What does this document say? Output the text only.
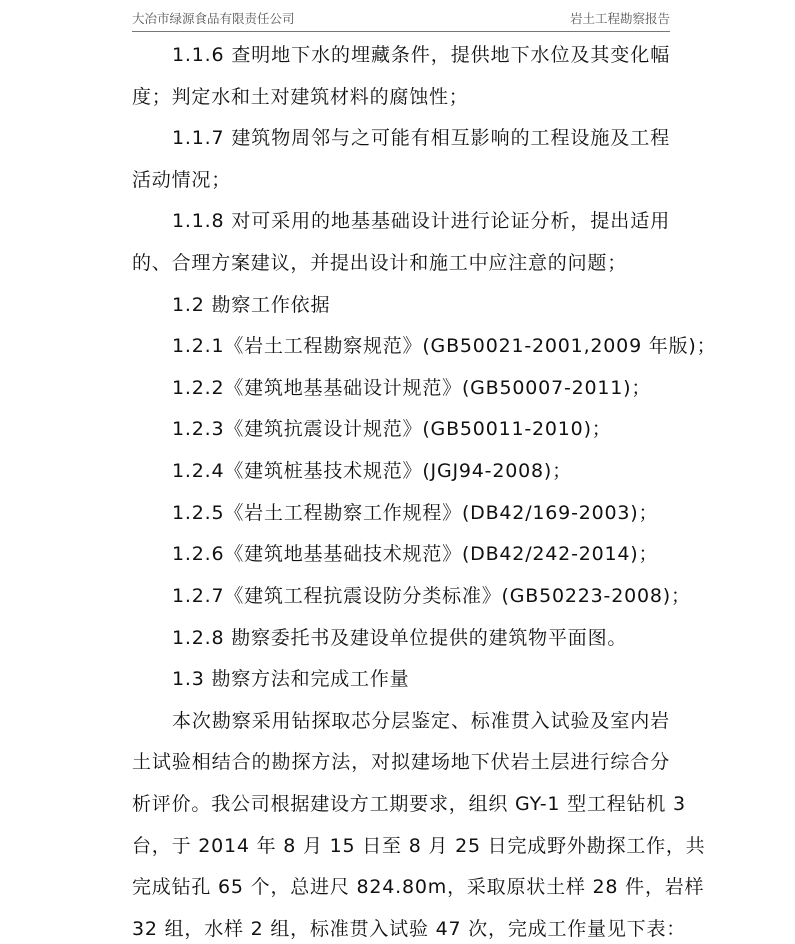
大冶市绿源食品有限责任公司	岩土工程勘察报告
1.1.6 查明地下水的埋藏条件，提供地下水位及其变化幅
度；判定水和土对建筑材料的腐蚀性；
1.1.7 建筑物周邻与之可能有相互影响的工程设施及工程
活动情况；
1.1.8 对可采用的地基基础设计进行论证分析，提出适用
的、合理方案建议，并提出设计和施工中应注意的问题；
1.2 勘察工作依据
1.2.1《岩土工程勘察规范》(GB50021-2001,2009 年版)；
1.2.2《建筑地基基础设计规范》(GB50007-2011)；
1.2.3《建筑抗震设计规范》(GB50011-2010)；
1.2.4《建筑桩基技术规范》(JGJ94-2008)；
1.2.5《岩土工程勘察工作规程》(DB42/169-2003)；
1.2.6《建筑地基基础技术规范》(DB42/242-2014)；
1.2.7《建筑工程抗震设防分类标准》(GB50223-2008)；
1.2.8 勘察委托书及建设单位提供的建筑物平面图。
1.3 勘察方法和完成工作量
本次勘察采用钻探取芯分层鉴定、标准贯入试验及室内岩
土试验相结合的勘探方法，对拟建场地下伏岩土层进行综合分
析评价。我公司根据建设方工期要求，组织 GY-1 型工程钻机 3
台，于 2014 年 8 月 15 日至 8 月 25 日完成野外勘探工作，共
完成钻孔 65 个，总进尺 824.80m，采取原状土样 28 件，岩样
32 组，水样 2 组，标准贯入试验 47 次，完成工作量见下表：
